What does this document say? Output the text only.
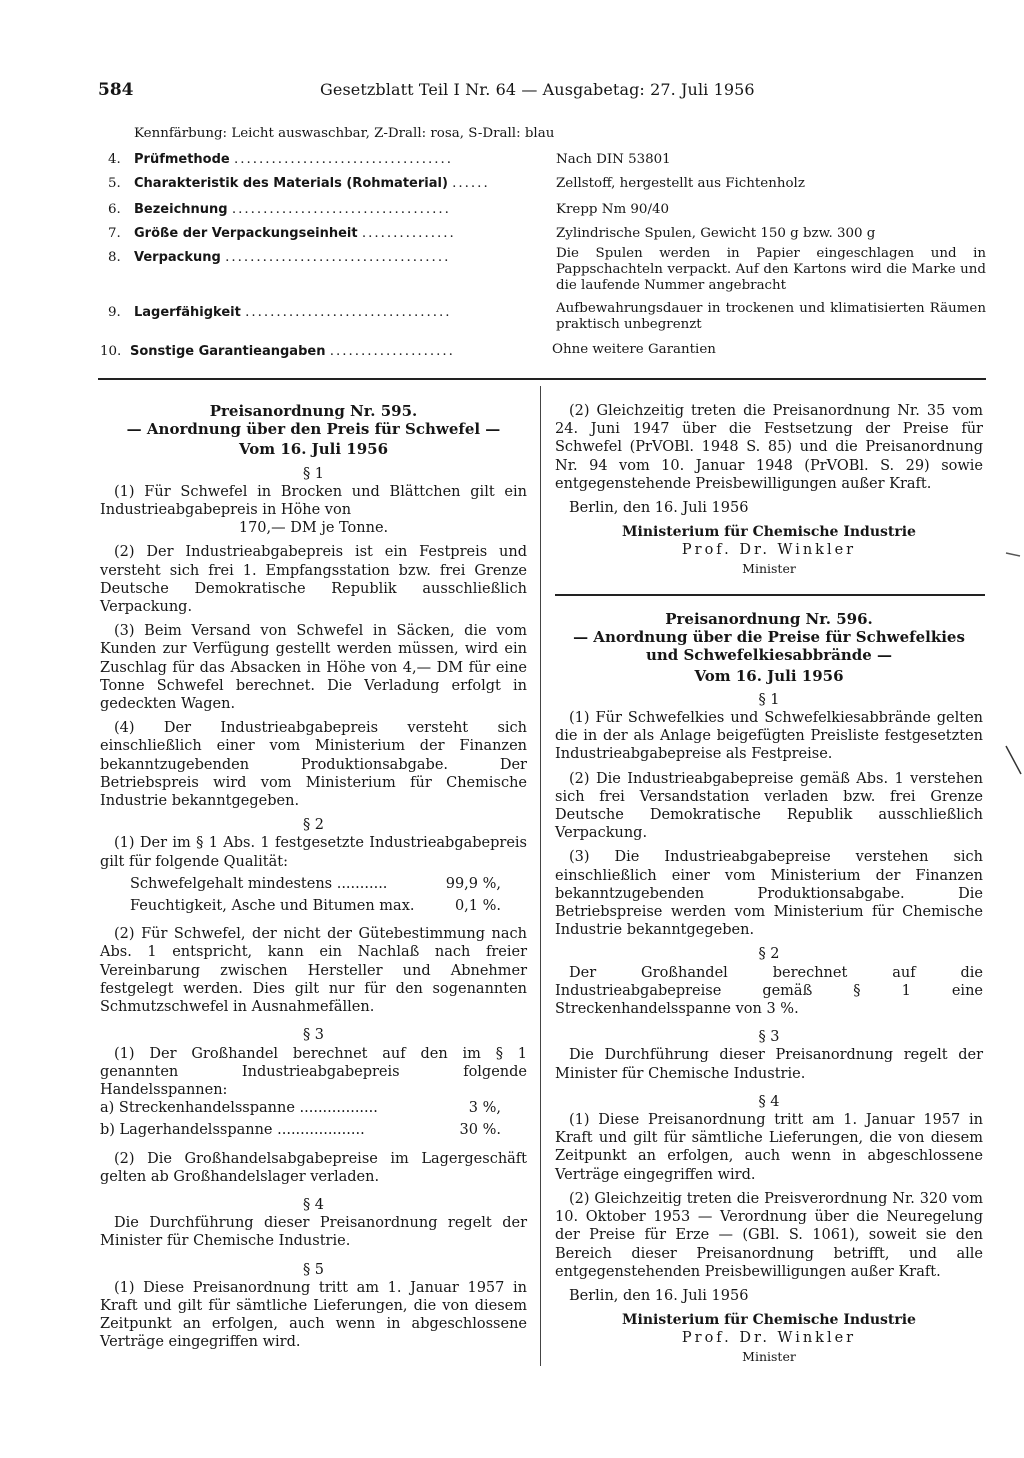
584	Gesetzblatt Teil I Nr. 64 — Ausgabetag: 27. Juli 1956
Kennfärbung: Leicht auswaschbar, Z-Drall: rosa, S-Drall: blau
4.	Prüfmethode ...................................	Nach DIN 53801
5.	Charakteristik des Materials (Rohmaterial) ......	Zellstoff, hergestellt aus Fichtenholz
6.	Bezeichnung ...................................	Krepp Nm 90/40
7.	Größe der Verpackungseinheit ...............	Zylindrische Spulen, Gewicht 150 g bzw. 300 g
8.	Verpackung ....................................	Die Spulen werden in Papier eingeschlagen und in Pappschachteln verpackt. Auf den Kartons wird die Marke und die laufende Nummer angebracht
9.	Lagerfähigkeit .................................	Aufbewahrungsdauer in trockenen und klimatisierten Räumen praktisch unbegrenzt
10. Sonstige Garantieangaben ....................	Ohne weitere Garantien

Preisanordnung Nr. 595.

— Anordnung über den Preis für Schwefel —

Vom 16. Juli 1956

§ 1

(1) Für Schwefel in Brocken und Blättchen gilt ein Industrieabgabepreis in Höhe von

170,— DM je Tonne.

(2) Der Industrieabgabepreis ist ein Festpreis und versteht sich frei 1. Empfangsstation bzw. frei Grenze Deutsche Demokratische Republik ausschließlich Verpackung.

(3) Beim Versand von Schwefel in Säcken, die vom Kunden zur Verfügung gestellt werden müssen, wird ein Zuschlag für das Absacken in Höhe von 4,— DM für eine Tonne Schwefel berechnet. Die Verladung erfolgt in gedeckten Wagen.

(4) Der Industrieabgabepreis versteht sich einschließlich einer vom Ministerium der Finanzen bekanntzugebenden Produktionsabgabe. Der Betriebspreis wird vom Ministerium für Chemische Industrie bekanntgegeben.

§ 2

(1) Der im § 1 Abs. 1 festgesetzte Industrieabgabepreis gilt für folgende Qualität:

Schwefelgehalt mindestens ...........	99,9 %,
Feuchtigkeit, Asche und Bitumen max.	0,1 %.

(2) Für Schwefel, der nicht der Gütebestimmung nach Abs. 1 entspricht, kann ein Nachlaß nach freier Vereinbarung zwischen Hersteller und Abnehmer festgelegt werden. Dies gilt nur für den sogenannten Schmutzschwefel in Ausnahmefällen.

§ 3

(1) Der Großhandel berechnet auf den im § 1 genannten Industrieabgabepreis folgende Handelsspannen:

a) Streckenhandelsspanne .................	3 %,
b) Lagerhandelsspanne ...................	30 %.

(2) Die Großhandelsabgabepreise im Lagergeschäft gelten ab Großhandelslager verladen.

§ 4

Die Durchführung dieser Preisanordnung regelt der Minister für Chemische Industrie.

§ 5

(1) Diese Preisanordnung tritt am 1. Januar 1957 in Kraft und gilt für sämtliche Lieferungen, die von diesem Zeitpunkt an erfolgen, auch wenn in abgeschlossene Verträge eingegriffen wird.

(2) Gleichzeitig treten die Preisanordnung Nr. 35 vom 24. Juni 1947 über die Festsetzung der Preise für Schwefel (PrVOBl. 1948 S. 85) und die Preisanordnung Nr. 94 vom 10. Januar 1948 (PrVOBl. S. 29) sowie entgegenstehende Preisbewilligungen außer Kraft.

Berlin, den 16. Juli 1956

Ministerium für Chemische Industrie

Prof. Dr. Winkler

Minister

Preisanordnung Nr. 596.

— Anordnung über die Preise für Schwefelkies

und Schwefelkiesabbrände —

Vom 16. Juli 1956

§ 1

(1) Für Schwefelkies und Schwefelkiesabbrände gelten die in der als Anlage beigefügten Preisliste festgesetzten Industrieabgabepreise als Festpreise.

(2) Die Industrieabgabepreise gemäß Abs. 1 verstehen sich frei Versandstation verladen bzw. frei Grenze Deutsche Demokratische Republik ausschließlich Verpackung.

(3) Die Industrieabgabepreise verstehen sich einschließlich einer vom Ministerium der Finanzen bekanntzugebenden Produktionsabgabe. Die Betriebspreise werden vom Ministerium für Chemische Industrie bekanntgegeben.

§ 2

Der Großhandel berechnet auf die Industrieabgabepreise gemäß § 1 eine Streckenhandelsspanne von 3 %.

§ 3

Die Durchführung dieser Preisanordnung regelt der Minister für Chemische Industrie.

§ 4

(1) Diese Preisanordnung tritt am 1. Januar 1957 in Kraft und gilt für sämtliche Lieferungen, die von diesem Zeitpunkt an erfolgen, auch wenn in abgeschlossene Verträge eingegriffen wird.

(2) Gleichzeitig treten die Preisverordnung Nr. 320 vom 10. Oktober 1953 — Verordnung über die Neuregelung der Preise für Erze — (GBl. S. 1061), soweit sie den Bereich dieser Preisanordnung betrifft, und alle entgegenstehenden Preisbewilligungen außer Kraft.

Berlin, den 16. Juli 1956

Ministerium für Chemische Industrie

Prof. Dr. Winkler

Minister
